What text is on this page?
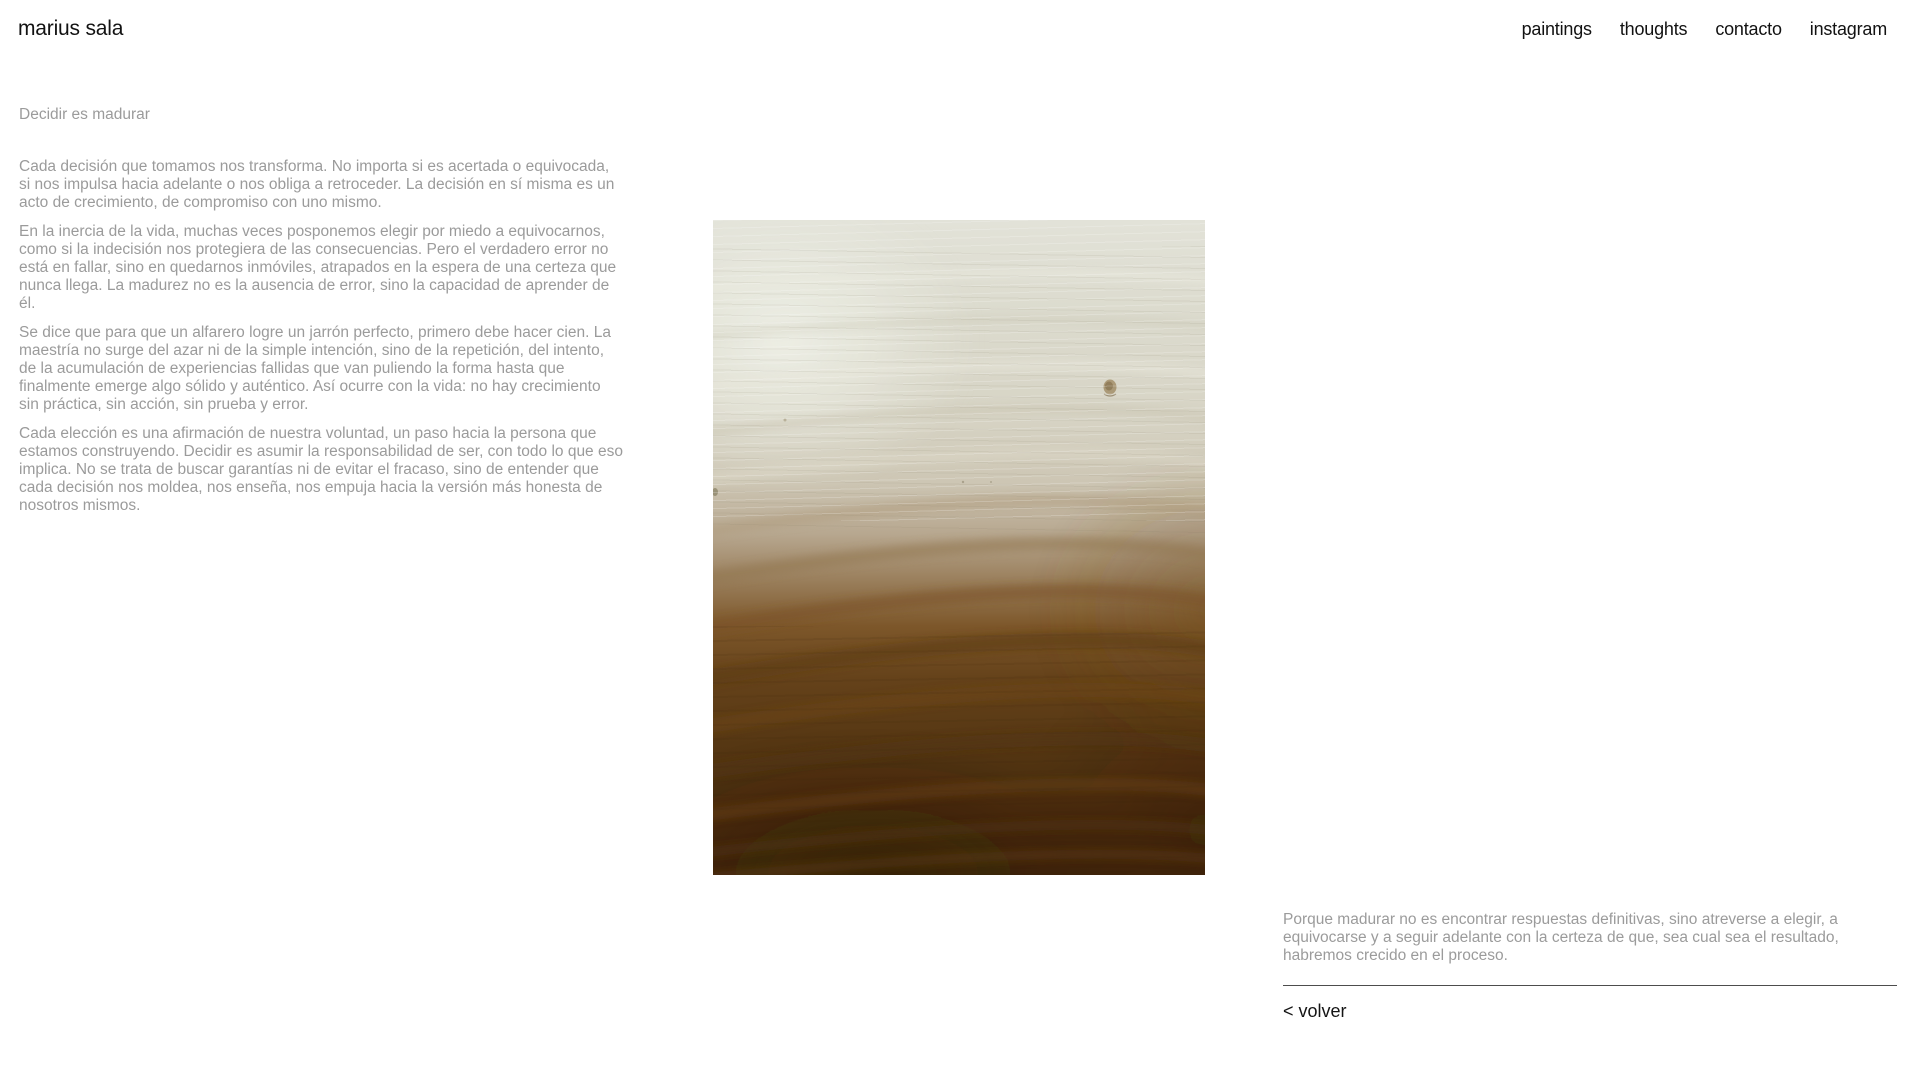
marius sala	paintings thoughts contacto instagram
Decidir es madurar

Cada decisión que tomamos nos transforma. No importa si es acertada o equivocada, si nos impulsa hacia adelante o nos obliga a retroceder. La decisión en sí misma es un acto de crecimiento, de compromiso con uno mismo.

En la inercia de la vida, muchas veces posponemos elegir por miedo a equivocarnos, como si la indecisión nos protegiera de las consecuencias. Pero el verdadero error no está en fallar, sino en quedarnos inmóviles, atrapados en la espera de una certeza que nunca llega. La madurez no es la ausencia de error, sino la capacidad de aprender de él.

Se dice que para que un alfarero logre un jarrón perfecto, primero debe hacer cien. La maestría no surge del azar ni de la simple intención, sino de la repetición, del intento, de la acumulación de experiencias fallidas que van puliendo la forma hasta que finalmente emerge algo sólido y auténtico. Así ocurre con la vida: no hay crecimiento sin práctica, sin acción, sin prueba y error.

Cada elección es una afirmación de nuestra voluntad, un paso hacia la persona que estamos construyendo. Decidir es asumir la responsabilidad de ser, con todo lo que eso implica. No se trata de buscar garantías ni de evitar el fracaso, sino de entender que cada decisión nos moldea, nos enseña, nos empuja hacia la versión más honesta de nosotros mismos.

Porque madurar no es encontrar respuestas definitivas, sino atreverse a elegir, a equivocarse y a seguir adelante con la certeza de que, sea cual sea el resultado, habremos crecido en el proceso.

< volver
